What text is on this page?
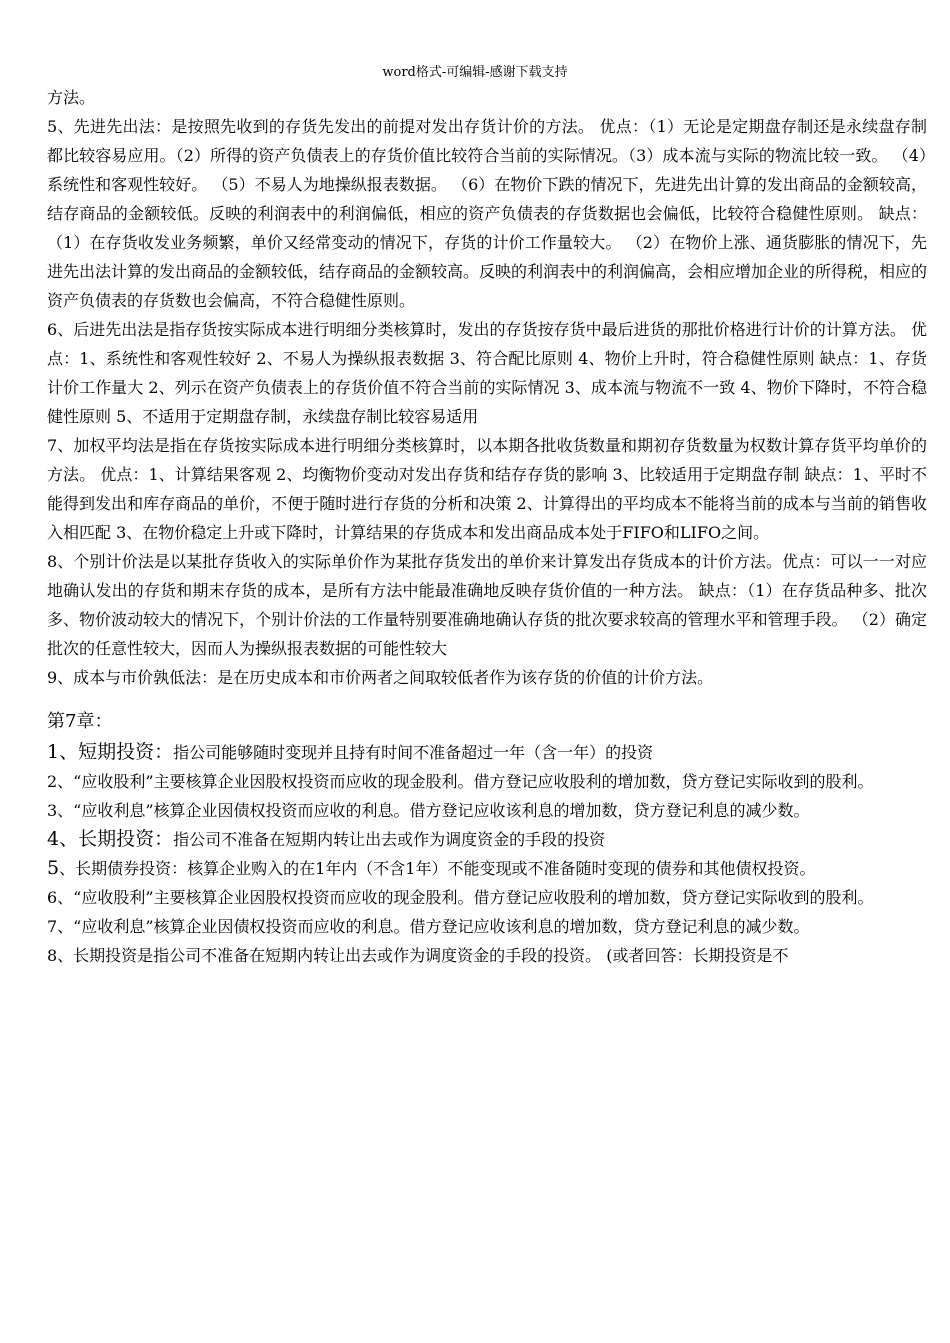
word格式-可编辑-感谢下载支持

方法。

5、先进先出法：是按照先收到的存货先发出的前提对发出存货计价的方法。 优点：（1）无论是定期盘存制还是永续盘存制都比较容易应用。（2）所得的资产负债表上的存货价值比较符合当前的实际情况。（3）成本流与实际的物流比较一致。 （4）系统性和客观性较好。 （5）不易人为地操纵报表数据。 （6）在物价下跌的情况下，先进先出计算的发出商品的金额较高，结存商品的金额较低。反映的利润表中的利润偏低，相应的资产负债表的存货数据也会偏低，比较符合稳健性原则。 缺点：（1）在存货收发业务频繁，单价又经常变动的情况下，存货的计价工作量较大。 （2）在物价上涨、通货膨胀的情况下，先进先出法计算的发出商品的金额较低，结存商品的金额较高。反映的利润表中的利润偏高，会相应增加企业的所得税，相应的资产负债表的存货数也会偏高，不符合稳健性原则。

6、后进先出法是指存货按实际成本进行明细分类核算时，发出的存货按存货中最后进货的那批价格进行计价的计算方法。 优点：1、系统性和客观性较好 2、不易人为操纵报表数据 3、符合配比原则 4、物价上升时，符合稳健性原则 缺点：1、存货计价工作量大 2、列示在资产负债表上的存货价值不符合当前的实际情况 3、成本流与物流不一致 4、物价下降时，不符合稳健性原则 5、不适用于定期盘存制，永续盘存制比较容易适用

7、加权平均法是指在存货按实际成本进行明细分类核算时，以本期各批收货数量和期初存货数量为权数计算存货平均单价的方法。 优点：1、计算结果客观 2、均衡物价变动对发出存货和结存存货的影响 3、比较适用于定期盘存制 缺点：1、平时不能得到发出和库存商品的单价，不便于随时进行存货的分析和决策 2、计算得出的平均成本不能将当前的成本与当前的销售收入相匹配 3、在物价稳定上升或下降时，计算结果的存货成本和发出商品成本处于FIFO和LIFO之间。

8、个别计价法是以某批存货收入的实际单价作为某批存货发出的单价来计算发出存货成本的计价方法。优点：可以一一对应地确认发出的存货和期末存货的成本，是所有方法中能最准确地反映存货价值的一种方法。 缺点：（1）在存货品种多、批次多、物价波动较大的情况下，个别计价法的工作量特别要准确地确认存货的批次要求较高的管理水平和管理手段。 （2）确定批次的任意性较大，因而人为操纵报表数据的可能性较大

9、成本与市价孰低法：是在历史成本和市价两者之间取较低者作为该存货的价值的计价方法。

第7章：

1、短期投资：指公司能够随时变现并且持有时间不准备超过一年（含一年）的投资

2、“应收股利”主要核算企业因股权投资而应收的现金股利。借方登记应收股利的增加数，贷方登记实际收到的股利。

3、“应收利息”核算企业因债权投资而应收的利息。借方登记应收该利息的增加数，贷方登记利息的减少数。

4、长期投资：指公司不准备在短期内转让出去或作为调度资金的手段的投资

5、长期债券投资：核算企业购入的在1年内（不含1年）不能变现或不准备随时变现的债券和其他债权投资。

6、“应收股利”主要核算企业因股权投资而应收的现金股利。借方登记应收股利的增加数，贷方登记实际收到的股利。

7、“应收利息”核算企业因债权投资而应收的利息。借方登记应收该利息的增加数，贷方登记利息的减少数。

8、长期投资是指公司不准备在短期内转让出去或作为调度资金的手段的投资。 (或者回答：长期投资是不
